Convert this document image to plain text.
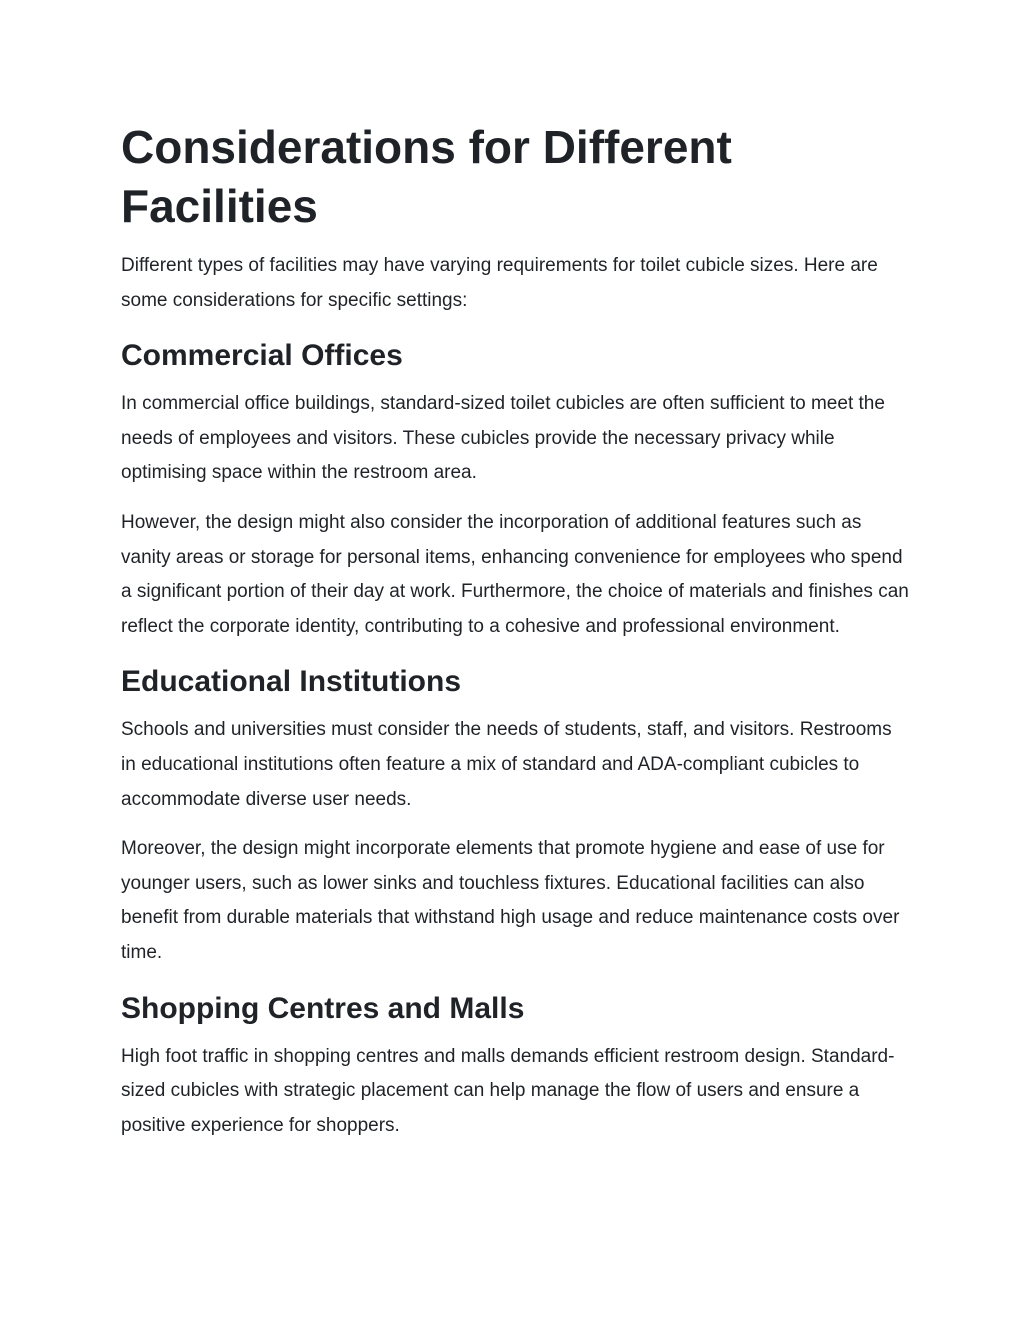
Considerations for Different Facilities

Different types of facilities may have varying requirements for toilet cubicle sizes. Here are some considerations for specific settings:

Commercial Offices

In commercial office buildings, standard-sized toilet cubicles are often sufficient to meet the needs of employees and visitors. These cubicles provide the necessary privacy while optimising space within the restroom area.

However, the design might also consider the incorporation of additional features such as vanity areas or storage for personal items, enhancing convenience for employees who spend a significant portion of their day at work. Furthermore, the choice of materials and finishes can reflect the corporate identity, contributing to a cohesive and professional environment.

Educational Institutions

Schools and universities must consider the needs of students, staff, and visitors. Restrooms in educational institutions often feature a mix of standard and ADA-compliant cubicles to accommodate diverse user needs.

Moreover, the design might incorporate elements that promote hygiene and ease of use for younger users, such as lower sinks and touchless fixtures. Educational facilities can also benefit from durable materials that withstand high usage and reduce maintenance costs over time.

Shopping Centres and Malls

High foot traffic in shopping centres and malls demands efficient restroom design. Standard-sized cubicles with strategic placement can help manage the flow of users and ensure a positive experience for shoppers.
